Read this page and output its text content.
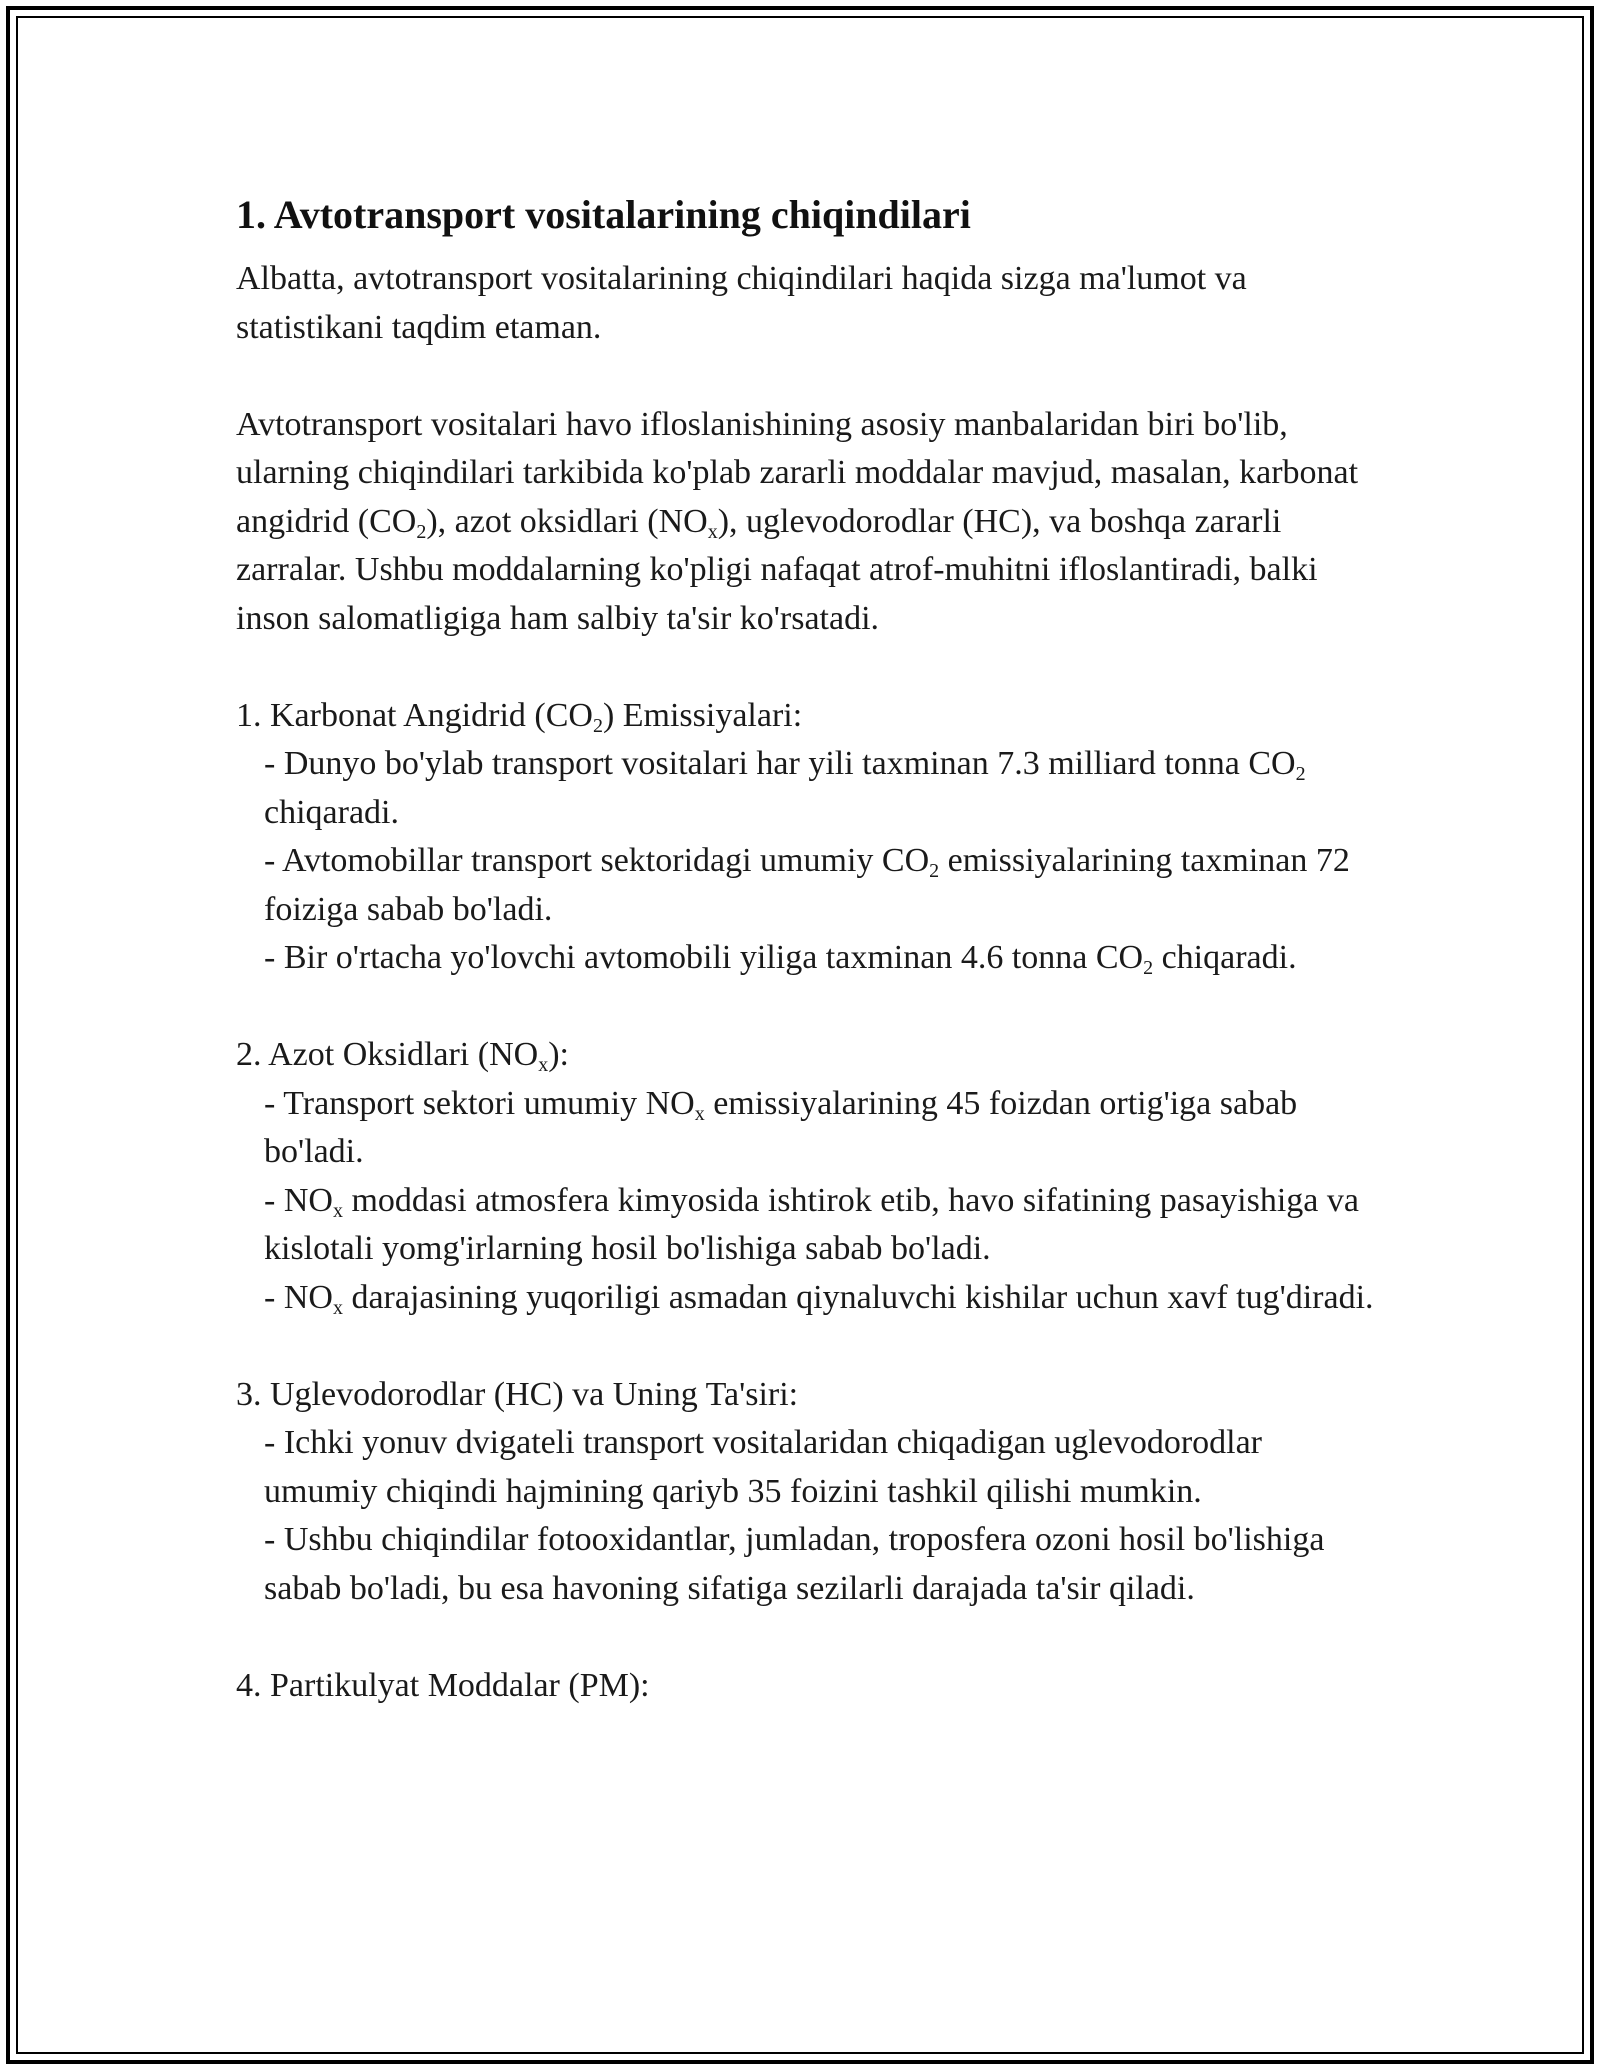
1. Avtotransport vositalarining chiqindilari

Albatta, avtotransport vositalarining chiqindilari haqida sizga ma'lumot va statistikani taqdim etaman.

Avtotransport vositalari havo ifloslanishining asosiy manbalaridan biri bo'lib, ularning chiqindilari tarkibida ko'plab zararli moddalar mavjud, masalan, karbonat angidrid $(CO_2)$, azot oksidlari $(NO_x)$, uglevodorodlar (HC), va boshqa zararli zarralar. Ushbu moddalarning ko'pligi nafaqat atrof-muhitni ifloslantiradi, balki inson salomatligiga ham salbiy ta'sir ko'rsatadi.

1. Karbonat Angidrid $(CO_2)$ Emissiyalari:
- Dunyo bo'ylab transport vositalari har yili taxminan 7.3 milliard tonna $CO_2$ chiqaradi.
- Avtomobillar transport sektoridagi umumiy $CO_2$ emissiyalarining taxminan 72 foiziga sabab bo'ladi.
- Bir o'rtacha yo'lovchi avtomobili yiliga taxminan 4.6 tonna $CO_2$ chiqaradi.
2. Azot Oksidlari $(NO_x)$:
- Transport sektori umumiy $NO_x$ emissiyalarining 45 foizdan ortig'iga sabab bo'ladi.
- $NO_x$ moddasi atmosfera kimyosida ishtirok etib, havo sifatining pasayishiga va kislotali yomg'irlarning hosil bo'lishiga sabab bo'ladi.
- $NO_x$ darajasining yuqoriligi asmadan qiynaluvchi kishilar uchun xavf tug'diradi.
3. Uglevodorodlar (HC) va Uning Ta'siri:
- Ichki yonuv dvigateli transport vositalaridan chiqadigan uglevodorodlar umumiy chiqindi hajmining qariyb 35 foizini tashkil qilishi mumkin.
- Ushbu chiqindilar fotooxidantlar, jumladan, troposfera ozoni hosil bo'lishiga sabab bo'ladi, bu esa havoning sifatiga sezilarli darajada ta'sir qiladi.
4. Partikulyat Moddalar (PM):
